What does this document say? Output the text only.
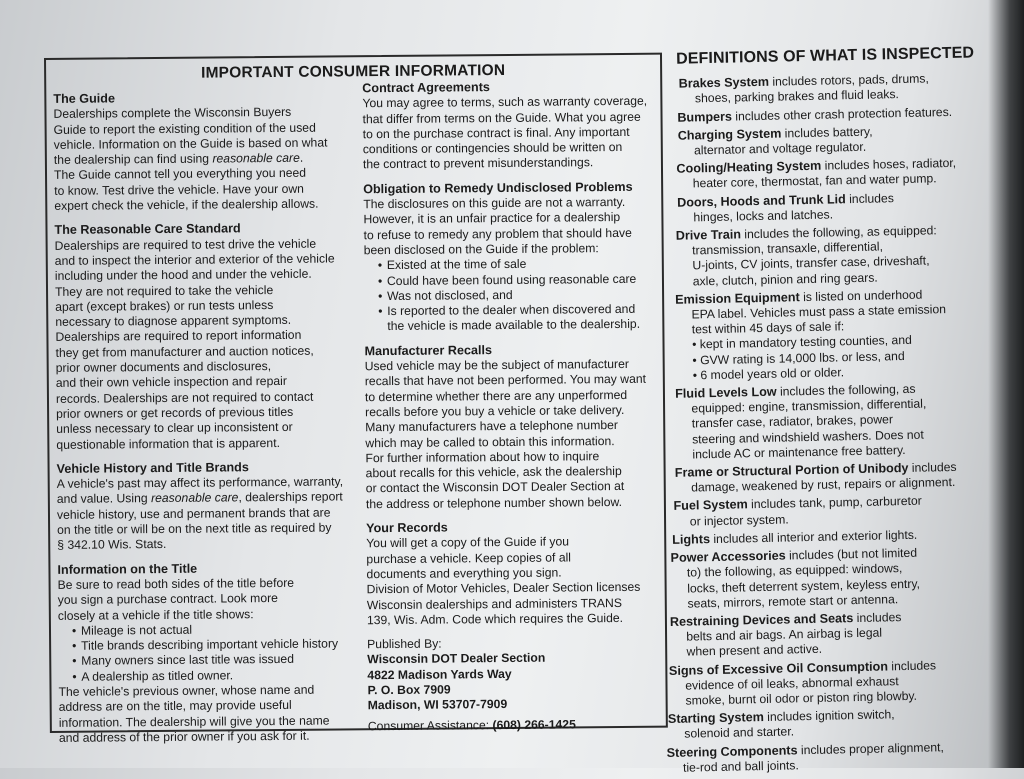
IMPORTANT CONSUMER INFORMATION

The Guide

Dealerships complete the Wisconsin Buyers

Guide to report the existing condition of the used

vehicle. Information on the Guide is based on what

the dealership can find using reasonable care.

The Guide cannot tell you everything you need

to know. Test drive the vehicle. Have your own

expert check the vehicle, if the dealership allows.

The Reasonable Care Standard

Dealerships are required to test drive the vehicle

and to inspect the interior and exterior of the vehicle

including under the hood and under the vehicle.

They are not required to take the vehicle

apart (except brakes) or run tests unless

necessary to diagnose apparent symptoms.

Dealerships are required to report information

they get from manufacturer and auction notices,

prior owner documents and disclosures,

and their own vehicle inspection and repair

records. Dealerships are not required to contact

prior owners or get records of previous titles

unless necessary to clear up inconsistent or

questionable information that is apparent.

Vehicle History and Title Brands

A vehicle's past may affect its performance, warranty,

and value. Using reasonable care, dealerships report

vehicle history, use and permanent brands that are

on the title or will be on the next title as required by

§ 342.10 Wis. Stats.

Information on the Title

Be sure to read both sides of the title before

you sign a purchase contract. Look more

closely at a vehicle if the title shows:

• Mileage is not actual
• Title brands describing important vehicle history
• Many owners since last title was issued
• A dealership as titled owner.

The vehicle's previous owner, whose name and

address are on the title, may provide useful

information. The dealership will give you the name

and address of the prior owner if you ask for it.

Contract Agreements

You may agree to terms, such as warranty coverage,

that differ from terms on the Guide. What you agree

to on the purchase contract is final. Any important

conditions or contingencies should be written on

the contract to prevent misunderstandings.

Obligation to Remedy Undisclosed Problems

The disclosures on this guide are not a warranty.

However, it is an unfair practice for a dealership

to refuse to remedy any problem that should have

been disclosed on the Guide if the problem:

• Existed at the time of sale
• Could have been found using reasonable care
• Was not disclosed, and
• Is reported to the dealer when discovered and

the vehicle is made available to the dealership.

Manufacturer Recalls

Used vehicle may be the subject of manufacturer

recalls that have not been performed. You may want

to determine whether there are any unperformed

recalls before you buy a vehicle or take delivery.

Many manufacturers have a telephone number

which may be called to obtain this information.

For further information about how to inquire

about recalls for this vehicle, ask the dealership

or contact the Wisconsin DOT Dealer Section at

the address or telephone number shown below.

Your Records

You will get a copy of the Guide if you

purchase a vehicle. Keep copies of all

documents and everything you sign.

Division of Motor Vehicles, Dealer Section licenses

Wisconsin dealerships and administers TRANS

139, Wis. Adm. Code which requires the Guide.

Published By:

Wisconsin DOT Dealer Section

4822 Madison Yards Way

P. O. Box 7909

Madison, WI 53707-7909

Consumer Assistance: (608) 266-1425

DEFINITIONS OF WHAT IS INSPECTED

Brakes System includes rotors, pads, drums,
shoes, parking brakes and fluid leaks.
Bumpers includes other crash protection features.
Charging System includes battery,
alternator and voltage regulator.
Cooling/Heating System includes hoses, radiator,
heater core, thermostat, fan and water pump.
Doors, Hoods and Trunk Lid includes
hinges, locks and latches.
Drive Train includes the following, as equipped:
transmission, transaxle, differential,
U-joints, CV joints, transfer case, driveshaft,
axle, clutch, pinion and ring gears.
Emission Equipment is listed on underhood
EPA label. Vehicles must pass a state emission
test within 45 days of sale if:
• kept in mandatory testing counties, and
• GVW rating is 14,000 lbs. or less, and
• 6 model years old or older.
Fluid Levels Low includes the following, as
equipped: engine, transmission, differential,
transfer case, radiator, brakes, power
steering and windshield washers. Does not
include AC or maintenance free battery.
Frame or Structural Portion of Unibody includes
damage, weakened by rust, repairs or alignment.
Fuel System includes tank, pump, carburetor
or injector system.
Lights includes all interior and exterior lights.
Power Accessories includes (but not limited
to) the following, as equipped: windows,
locks, theft deterrent system, keyless entry,
seats, mirrors, remote start or antenna.
Restraining Devices and Seats includes
belts and air bags. An airbag is legal
when present and active.
Signs of Excessive Oil Consumption includes
evidence of oil leaks, abnormal exhaust
smoke, burnt oil odor or piston ring blowby.
Starting System includes ignition switch,
solenoid and starter.
Steering Components includes proper alignment,
tie-rod and ball joints.
